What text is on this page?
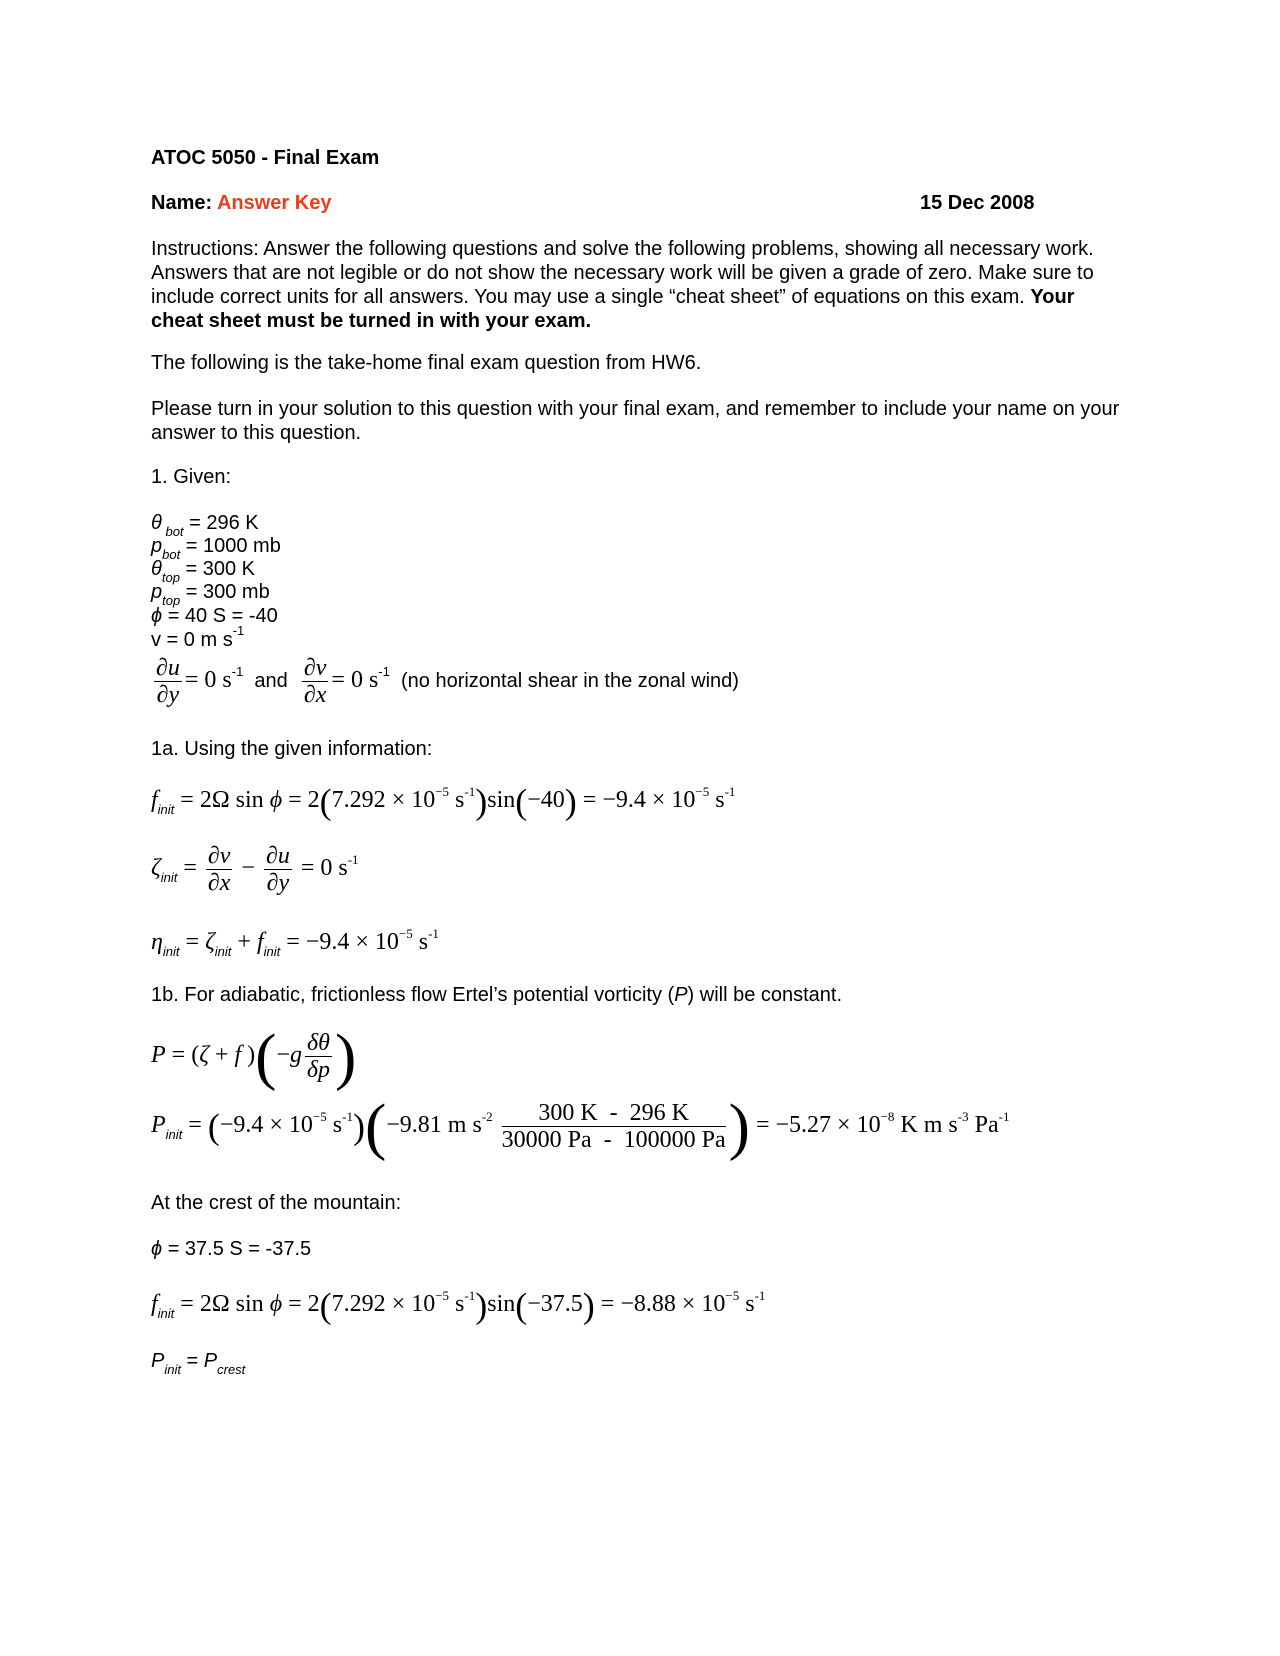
ATOC 5050 - Final Exam
Name: Answer Key	15 Dec 2008
Instructions: Answer the following questions and solve the following problems, showing all necessary work. Answers that are not legible or do not show the necessary work will be given a grade of zero. Make sure to include correct units for all answers. You may use a single “cheat sheet” of equations on this exam. Your cheat sheet must be turned in with your exam.
The following is the take-home final exam question from HW6.
Please turn in your solution to this question with your final exam, and remember to include your name on your answer to this question.
1. Given:
θ $_{bot}$ = 296 K
$p_{bot} = 1000$ mb
$\theta_{top} = 300$ K
$p_{top} = 300$ mb
ϕ = 40 S = -40
v = 0 m $s^{-1}$
$\frac{\partial u}{\partial y} = 0$ $s^{-1}$  and $\frac{\partial v}{\partial x} = 0$ $s^{-1}$ (no horizontal shear in the zonal wind)
1a. Using the given information:
$f_{init} = 2\Omega$ $\sin \phi = 2(7.292 \times 10^{-5}$ $s^{-1})\sin(-40) = -9.4 \times 10^{-5}$ $s^{-1}$
$\zeta_{init} = \frac{\partial v}{\partial x} - \frac{\partial u}{\partial y} = 0$ $s^{-1}$
$\eta_{init} = \zeta_{init} + f_{init} = -9.4 \times 10^{-5}$ $s^{-1}$
1b. For adiabatic, frictionless flow Ertel’s potential vorticity (P) will be constant.
P = (ζ + f )($-g \frac{\delta\theta}{\delta p}$ )
$P_{init} = (-9.4 \times 10^{-5}$ $s^{-1})(-9.81$ m $s^{-2} \frac{300 K - 296 K}{30000 Pa - 100000 Pa}$ ) = $-5.27 \times 10^{-8}$ K m $s^{-3}$ $Pa^{-1}$
At the crest of the mountain:
ϕ = 37.5 S = -37.5
$f_{init} = 2\Omega$ $\sin \phi = 2(7.292 \times 10^{-5}$ $s^{-1})\sin(-37.5) = -8.88 \times 10^{-5}$ $s^{-1}$
$P_{init} = P_{crest}$
